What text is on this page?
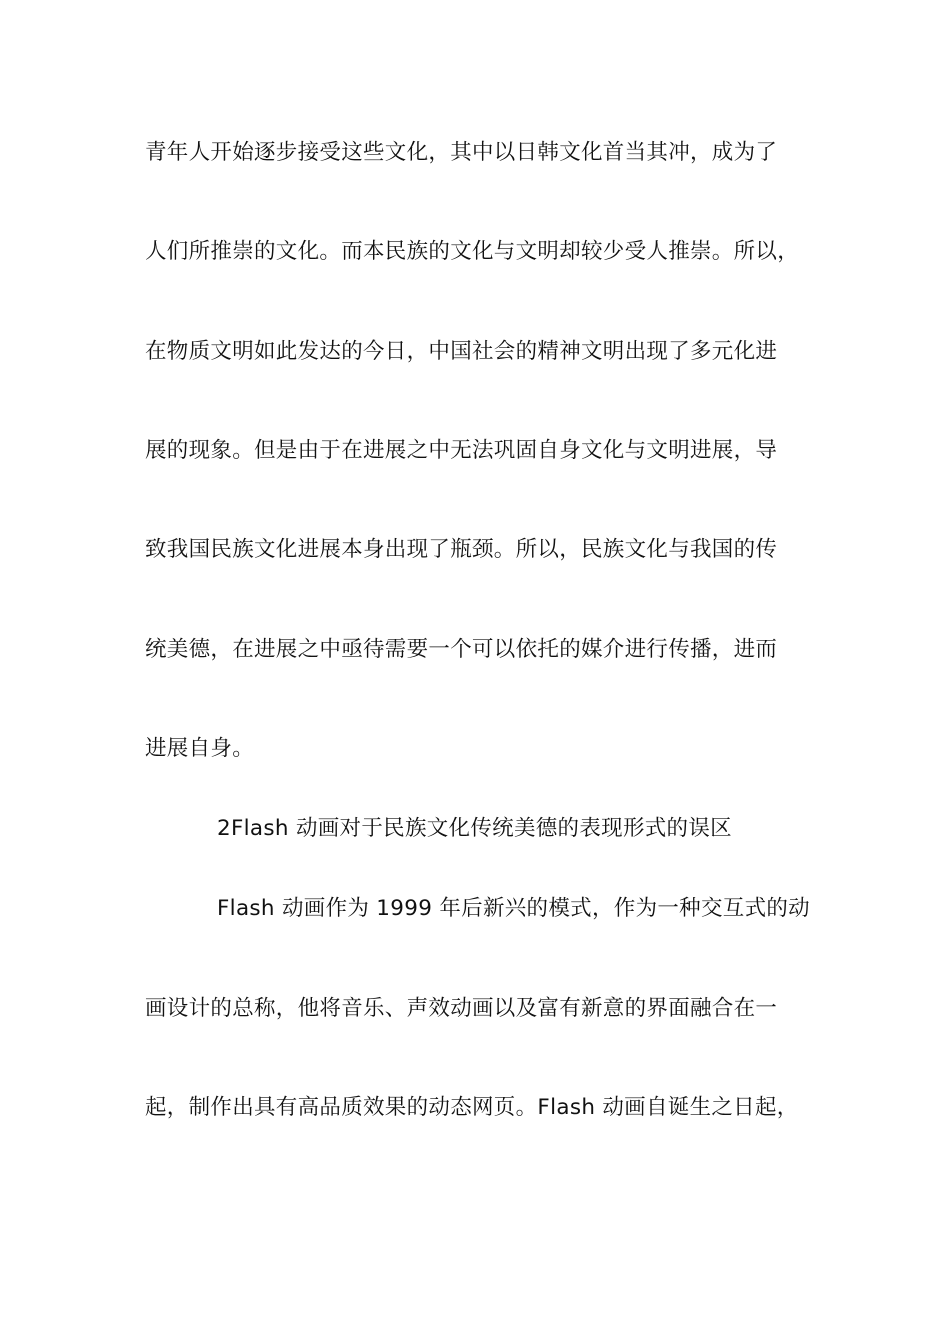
青年人开始逐步接受这些文化，其中以日韩文化首当其冲，成为了
人们所推崇的文化。而本民族的文化与文明却较少受人推崇。所以，
在物质文明如此发达的今日，中国社会的精神文明出现了多元化进
展的现象。但是由于在进展之中无法巩固自身文化与文明进展，导
致我国民族文化进展本身出现了瓶颈。所以，民族文化与我国的传
统美德，在进展之中亟待需要一个可以依托的媒介进行传播，进而
进展自身。
2Flash 动画对于民族文化传统美德的表现形式的误区
Flash 动画作为 1999 年后新兴的模式，作为一种交互式的动
画设计的总称，他将音乐、声效动画以及富有新意的界面融合在一
起，制作出具有高品质效果的动态网页。Flash 动画自诞生之日起，
